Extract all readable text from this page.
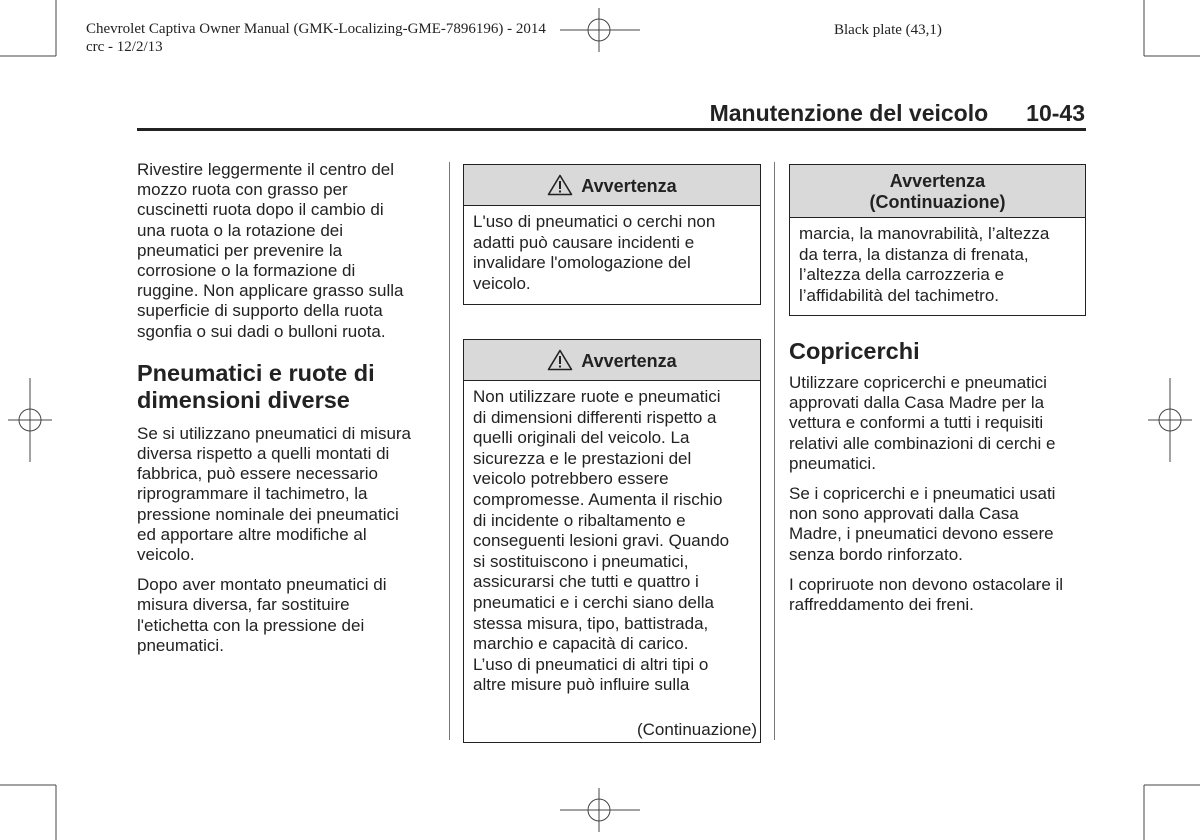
Chevrolet Captiva Owner Manual (GMK-Localizing-GME-7896196) - 2014
crc - 12/2/13
Black plate (43,1)
Manutenzione del veicolo 10-43

Rivestire leggermente il centro del
mozzo ruota con grasso per
cuscinetti ruota dopo il cambio di
una ruota o la rotazione dei
pneumatici per prevenire la
corrosione o la formazione di
ruggine. Non applicare grasso sulla
superficie di supporto della ruota
sgonfia o sui dadi o bulloni ruota.

Pneumatici e ruote di
dimensioni diverse

Se si utilizzano pneumatici di misura
diversa rispetto a quelli montati di
fabbrica, può essere necessario
riprogrammare il tachimetro, la
pressione nominale dei pneumatici
ed apportare altre modifiche al
veicolo.

Dopo aver montato pneumatici di
misura diversa, far sostituire
l'etichetta con la pressione dei
pneumatici.

Avvertenza
L'uso di pneumatici o cerchi non
adatti può causare incidenti e
invalidare l'omologazione del
veicolo.
Avvertenza
Non utilizzare ruote e pneumatici
di dimensioni differenti rispetto a
quelli originali del veicolo. La
sicurezza e le prestazioni del
veicolo potrebbero essere
compromesse. Aumenta il rischio
di incidente o ribaltamento e
conseguenti lesioni gravi. Quando
si sostituiscono i pneumatici,
assicurarsi che tutti e quattro i
pneumatici e i cerchi siano della
stessa misura, tipo, battistrada,
marchio e capacità di carico.
L’uso di pneumatici di altri tipi o
altre misure può influire sulla
(Continuazione)
Avvertenza
(Continuazione)
marcia, la manovrabilità, l’altezza
da terra, la distanza di frenata,
l’altezza della carrozzeria e
l’affidabilità del tachimetro.
Copricerchi

Utilizzare copricerchi e pneumatici
approvati dalla Casa Madre per la
vettura e conformi a tutti i requisiti
relativi alle combinazioni di cerchi e
pneumatici.

Se i copricerchi e i pneumatici usati
non sono approvati dalla Casa
Madre, i pneumatici devono essere
senza bordo rinforzato.

I copriruote non devono ostacolare il
raffreddamento dei freni.
